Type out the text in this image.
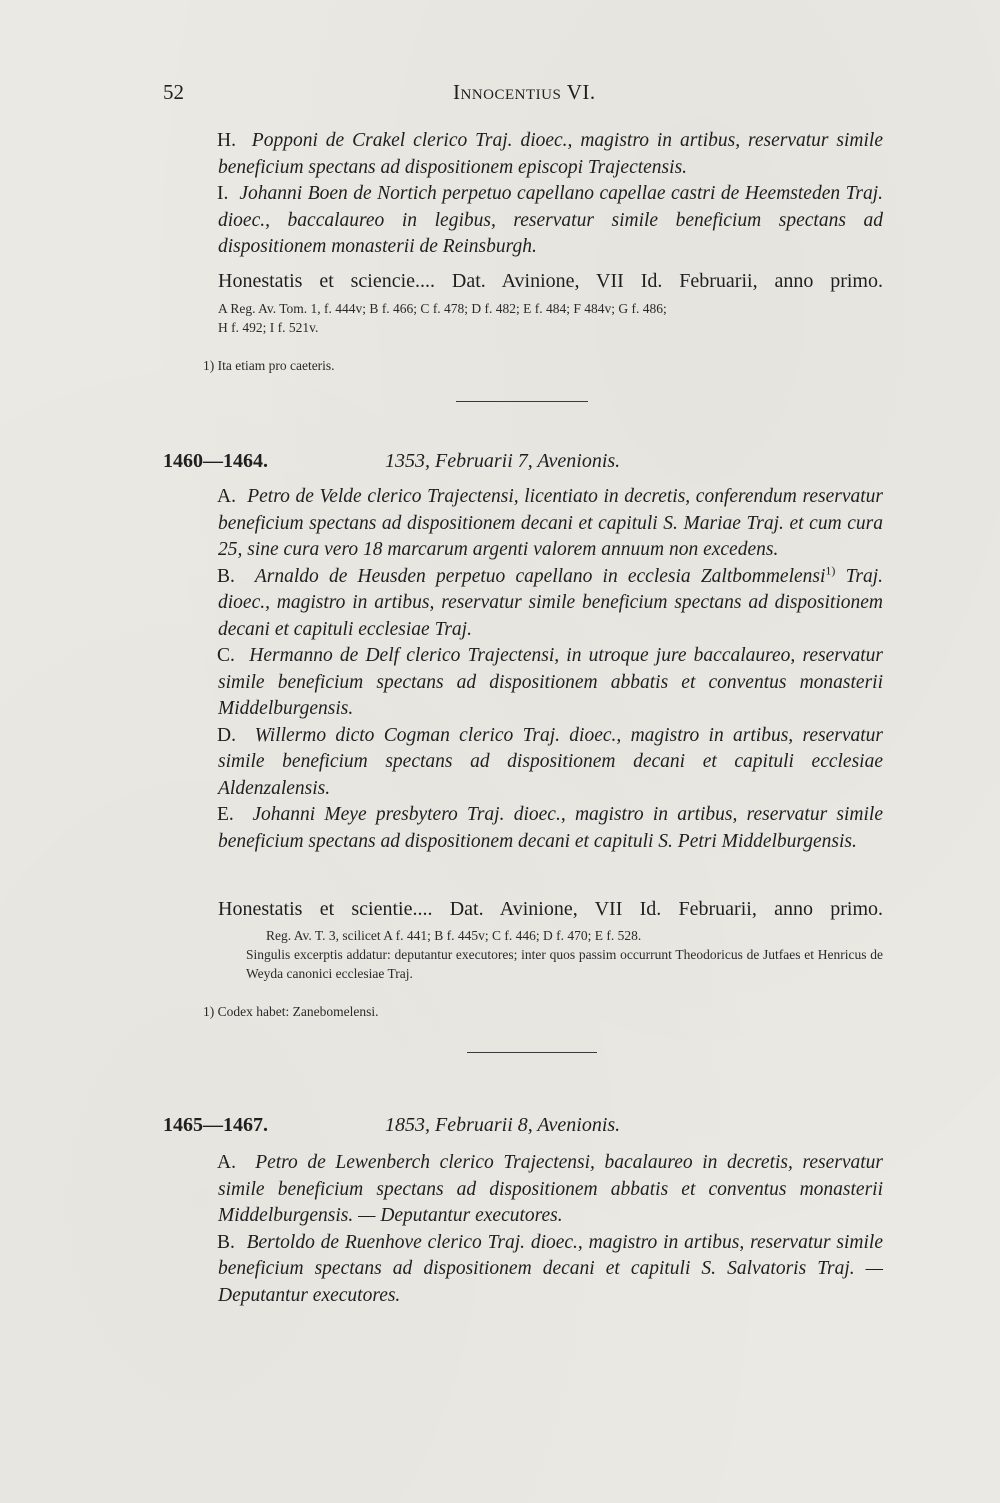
52	Innocentius VI.

H. Popponi de Crakel clerico Traj. dioec., magistro in artibus, reservatur simile beneficium spectans ad dispositionem episcopi Trajectensis.

I. Johanni Boen de Nortich perpetuo capellano capellae castri de Heemsteden Traj. dioec., baccalaureo in legibus, reservatur simile beneficium spectans ad dispositionem monasterii de Reinsburgh.

Honestatis et sciencie.... Dat. Avinione, VII Id. Februarii, anno primo.
A Reg. Av. Tom. 1, f. 444v; B f. 466; C f. 478; D f. 482; E f. 484; F 484v; G f. 486;
H f. 492; I f. 521v.
1) Ita etiam pro caeteris.
1460—1464.	1353, Februarii 7, Avenionis.

A. Petro de Velde clerico Trajectensi, licentiato in decretis, conferendum reservatur beneficium spectans ad dispositionem decani et capituli S. Mariae Traj. et cum cura 25, sine cura vero 18 marcarum argenti valorem annuum non excedens.

B. Arnaldo de Heusden perpetuo capellano in ecclesia Zaltbommelensi$^{1)}$ Traj. dioec., magistro in artibus, reservatur simile beneficium spectans ad dispositionem decani et capituli ecclesiae Traj.

C. Hermanno de Delf clerico Trajectensi, in utroque jure baccalaureo, reservatur simile beneficium spectans ad dispositionem abbatis et conventus monasterii Middelburgensis.

D. Willermo dicto Cogman clerico Traj. dioec., magistro in artibus, reservatur simile beneficium spectans ad dispositionem decani et capituli ecclesiae Aldenzalensis.

E. Johanni Meye presbytero Traj. dioec., magistro in artibus, reservatur simile beneficium spectans ad dispositionem decani et capituli S. Petri Middelburgensis.

Honestatis et scientie.... Dat. Avinione, VII Id. Februarii, anno primo.
Reg. Av. T. 3, scilicet A f. 441; B f. 445v; C f. 446; D f. 470; E f. 528.
Singulis excerptis addatur: deputantur executores; inter quos passim occurrunt Theodoricus de Jutfaes et Henricus de Weyda canonici ecclesiae Traj.
1) Codex habet: Zanebomelensi.
1465—1467.	1853, Februarii 8, Avenionis.

A. Petro de Lewenberch clerico Trajectensi, bacalaureo in decretis, reservatur simile beneficium spectans ad dispositionem abbatis et conventus monasterii Middelburgensis. — Deputantur executores.

B. Bertoldo de Ruenhove clerico Traj. dioec., magistro in artibus, reservatur simile beneficium spectans ad dispositionem decani et capituli S. Salvatoris Traj. — Deputantur executores.
